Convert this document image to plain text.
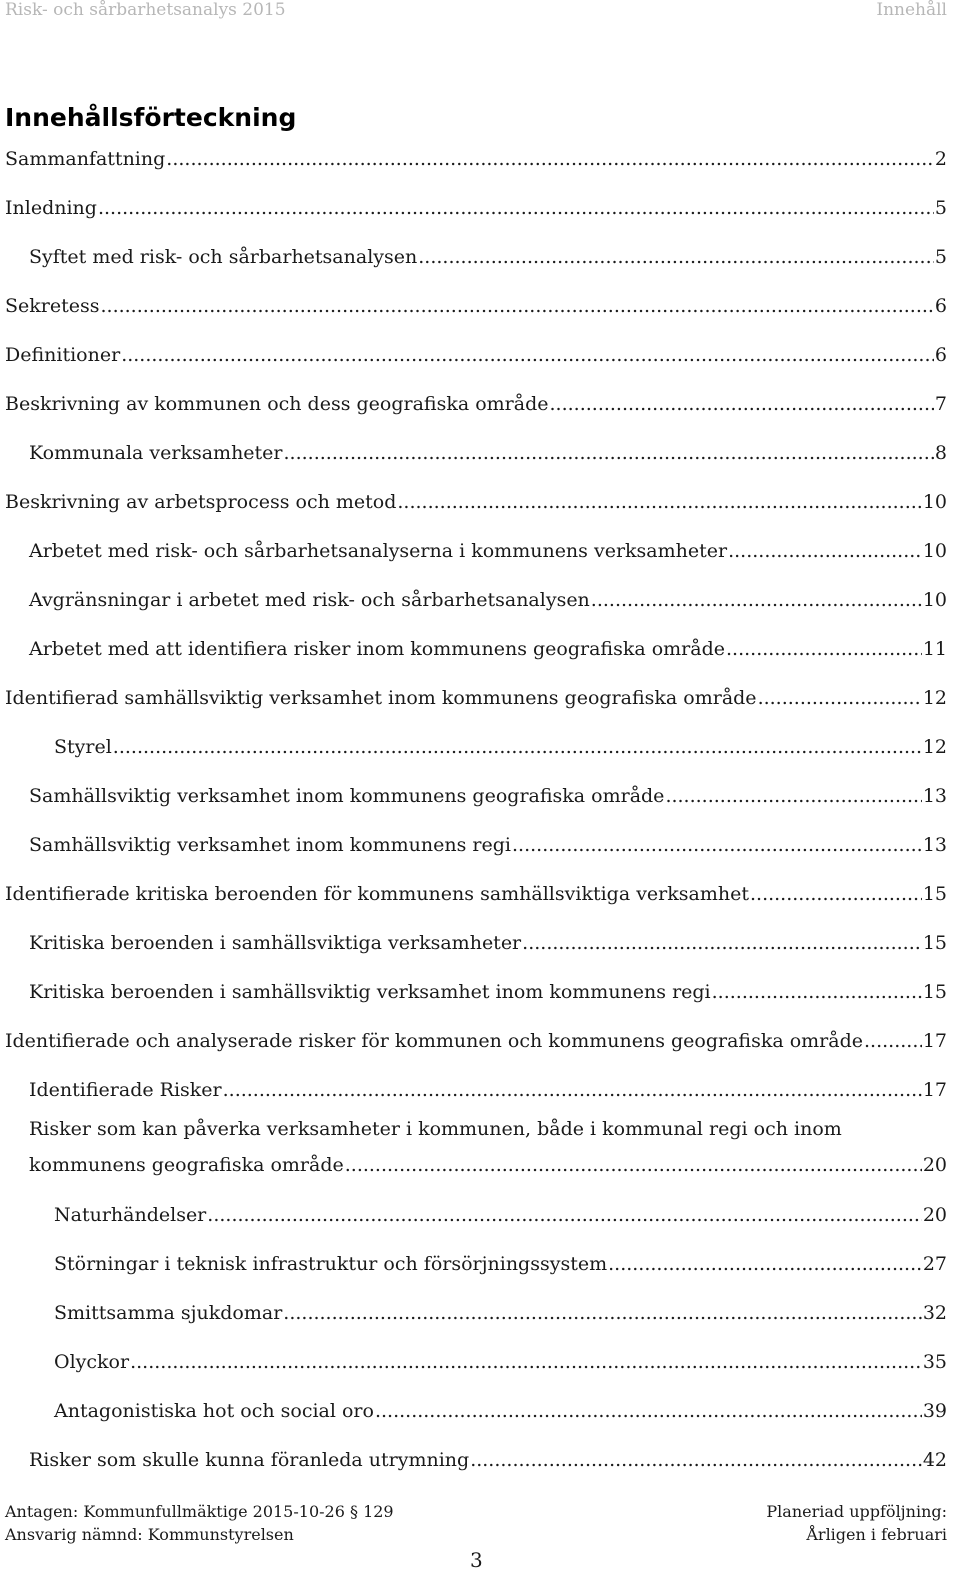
Risk- och sårbarhetsanalys 2015	Innehåll
Innehållsförteckning
Sammanfattning .....	2
Inledning .....	5
Syftet med risk- och sårbarhetsanalysen .....	5
Sekretess .....	6
Definitioner .....	6
Beskrivning av kommunen och dess geografiska område .....	7
Kommunala verksamheter .....	8
Beskrivning av arbetsprocess och metod .....	10
Arbetet med risk- och sårbarhetsanalyserna i kommunens verksamheter .....	10
Avgränsningar i arbetet med risk- och sårbarhetsanalysen .....	10
Arbetet med att identifiera risker inom kommunens geografiska område .....	11
Identifierad samhällsviktig verksamhet inom kommunens geografiska område .....	12
Styrel .....	12
Samhällsviktig verksamhet inom kommunens geografiska område .....	13
Samhällsviktig verksamhet inom kommunens regi .....	13
Identifierade kritiska beroenden för kommunens samhällsviktiga verksamhet .....	15
Kritiska beroenden i samhällsviktiga verksamheter .....	15
Kritiska beroenden i samhällsviktig verksamhet inom kommunens regi .....	15
Identifierade och analyserade risker för kommunen och kommunens geografiska område .....	17
Identifierade Risker .....	17
Risker som kan påverka verksamheter i kommunen, både i kommunal regi och inom
kommunens geografiska område .....	20
Naturhändelser .....	20
Störningar i teknisk infrastruktur och försörjningssystem .....	27
Smittsamma sjukdomar .....	32
Olyckor .....	35
Antagonistiska hot och social oro .....	39
Risker som skulle kunna föranleda utrymning .....	42
Antagen: Kommunfullmäktige 2015-10-26 § 129
Ansvarig nämnd: Kommunstyrelsen
Planeriad uppföljning:
Årligen i februari
3
